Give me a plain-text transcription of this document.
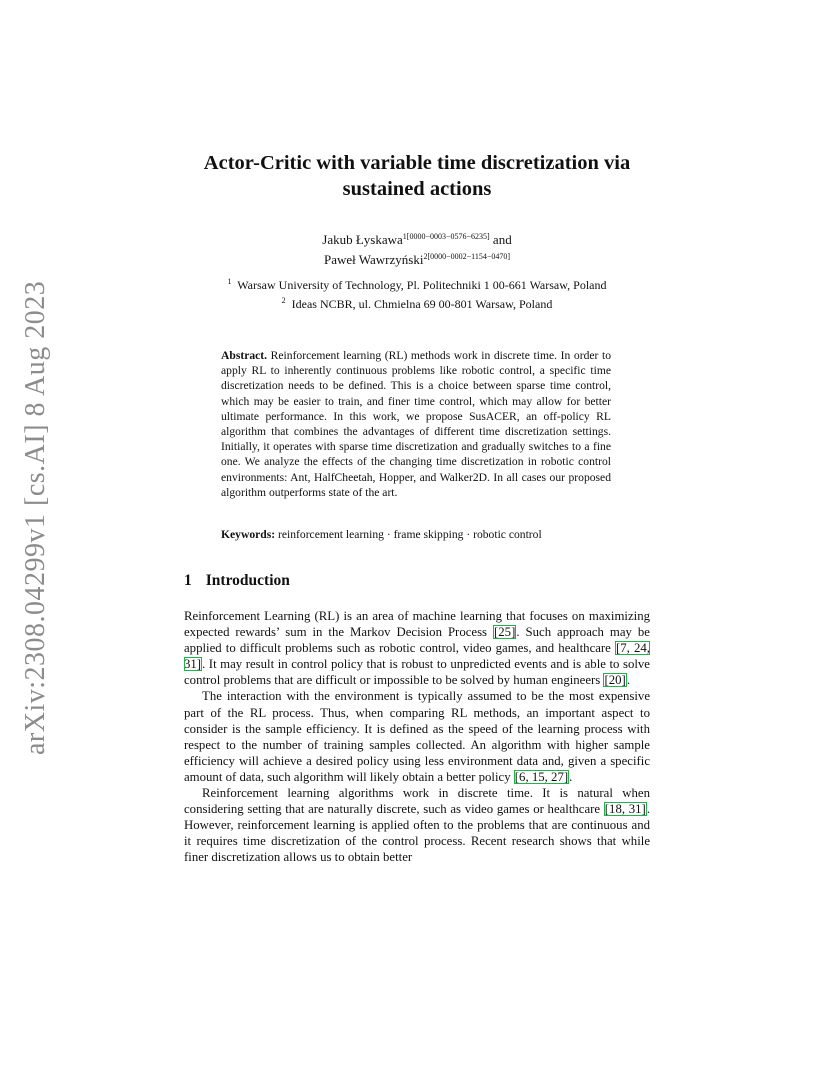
arXiv:2308.04299v1 [cs.AI] 8 Aug 2023
Actor-Critic with variable time discretization via
sustained actions
Jakub Łyskawa$^{1[0000-0003-0576-6235]}$ and
Paweł Wawrzyński$^{2[0000-0002-1154-0470]}$
$^1$ Warsaw University of Technology, Pl. Politechniki 1 00-661 Warsaw, Poland
$^2$ Ideas NCBR, ul. Chmielna 69 00-801 Warsaw, Poland
Abstract. Reinforcement learning (RL) methods work in discrete time. In order to apply RL to inherently continuous problems like robotic control, a specific time discretization needs to be defined. This is a choice between sparse time control, which may be easier to train, and finer time control, which may allow for better ultimate performance. In this work, we propose SusACER, an off-policy RL algorithm that combines the advantages of different time discretization settings. Initially, it operates with sparse time discretization and gradually switches to a fine one. We analyze the effects of the changing time discretization in robotic control environments: Ant, HalfCheetah, Hopper, and Walker2D. In all cases our proposed algorithm outperforms state of the art.
Keywords: reinforcement learning · frame skipping · robotic control
1 Introduction

Reinforcement Learning (RL) is an area of machine learning that focuses on maximizing expected rewards’ sum in the Markov Decision Process [25]. Such approach may be applied to difficult problems such as robotic control, video games, and healthcare [7, 24, 31]. It may result in control policy that is robust to unpredicted events and is able to solve control problems that are difficult or impossible to be solved by human engineers [20].

The interaction with the environment is typically assumed to be the most expensive part of the RL process. Thus, when comparing RL methods, an important aspect to consider is the sample efficiency. It is defined as the speed of the learning process with respect to the number of training samples collected. An algorithm with higher sample efficiency will achieve a desired policy using less environment data and, given a specific amount of data, such algorithm will likely obtain a better policy [6, 15, 27].

Reinforcement learning algorithms work in discrete time. It is natural when considering setting that are naturally discrete, such as video games or healthcare [18, 31]. However, reinforcement learning is applied often to the problems that are continuous and it requires time discretization of the control process. Recent research shows that while finer discretization allows us to obtain better
